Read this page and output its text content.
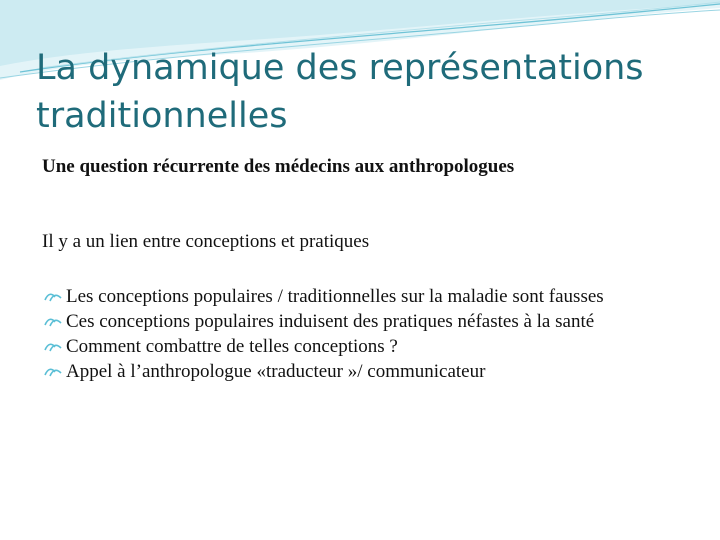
La dynamique des représentations traditionnelles
Une question récurrente des médecins aux anthropologues
Il y a un lien entre conceptions et pratiques
Les conceptions populaires / traditionnelles sur la maladie sont fausses
Ces conceptions populaires induisent des pratiques néfastes à la santé
Comment combattre de telles conceptions ?
Appel à l’anthropologue «traducteur »/ communicateur
